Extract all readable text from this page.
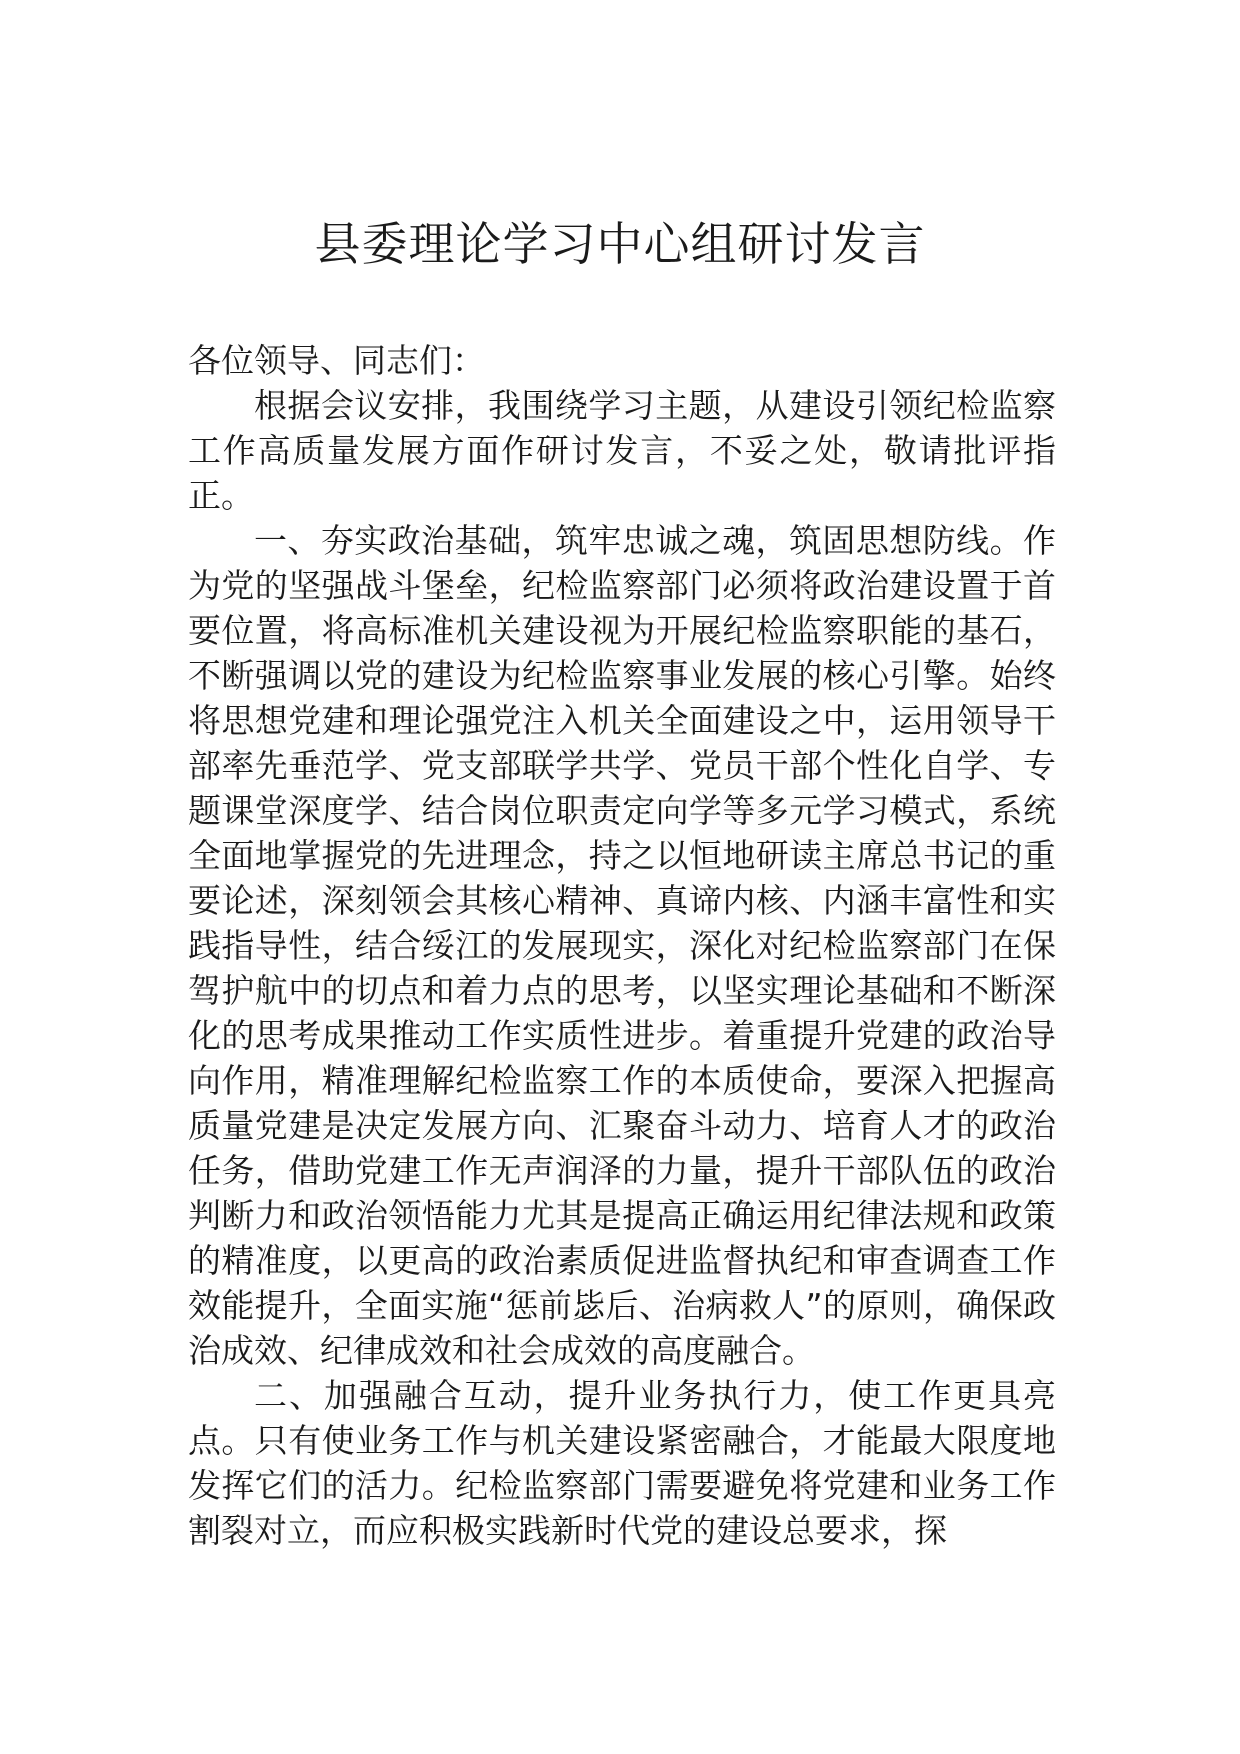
县委理论学习中心组研讨发言

各位领导、同志们：

根据会议安排，我围绕学习主题，从建设引领纪检监察工作高质量发展方面作研讨发言，不妥之处，敬请批评指正。

一、夯实政治基础，筑牢忠诚之魂，筑固思想防线。作为党的坚强战斗堡垒，纪检监察部门必须将政治建设置于首要位置，将高标准机关建设视为开展纪检监察职能的基石，不断强调以党的建设为纪检监察事业发展的核心引擎。始终将思想党建和理论强党注入机关全面建设之中，运用领导干部率先垂范学、党支部联学共学、党员干部个性化自学、专题课堂深度学、结合岗位职责定向学等多元学习模式，系统全面地掌握党的先进理念，持之以恒地研读主席总书记的重要论述，深刻领会其核心精神、真谛内核、内涵丰富性和实践指导性，结合绥江的发展现实，深化对纪检监察部门在保驾护航中的切点和着力点的思考，以坚实理论基础和不断深化的思考成果推动工作实质性进步。着重提升党建的政治导向作用，精准理解纪检监察工作的本质使命，要深入把握高质量党建是决定发展方向、汇聚奋斗动力、培育人才的政治任务，借助党建工作无声润泽的力量，提升干部队伍的政治判断力和政治领悟能力尤其是提高正确运用纪律法规和政策的精准度，以更高的政治素质促进监督执纪和审查调查工作效能提升，全面实施“惩前毖后、治病救人”的原则，确保政治成效、纪律成效和社会成效的高度融合。

二、加强融合互动，提升业务执行力，使工作更具亮点。只有使业务工作与机关建设紧密融合，才能最大限度地发挥它们的活力。纪检监察部门需要避免将党建和业务工作割裂对立，而应积极实践新时代党的建设总要求，探
